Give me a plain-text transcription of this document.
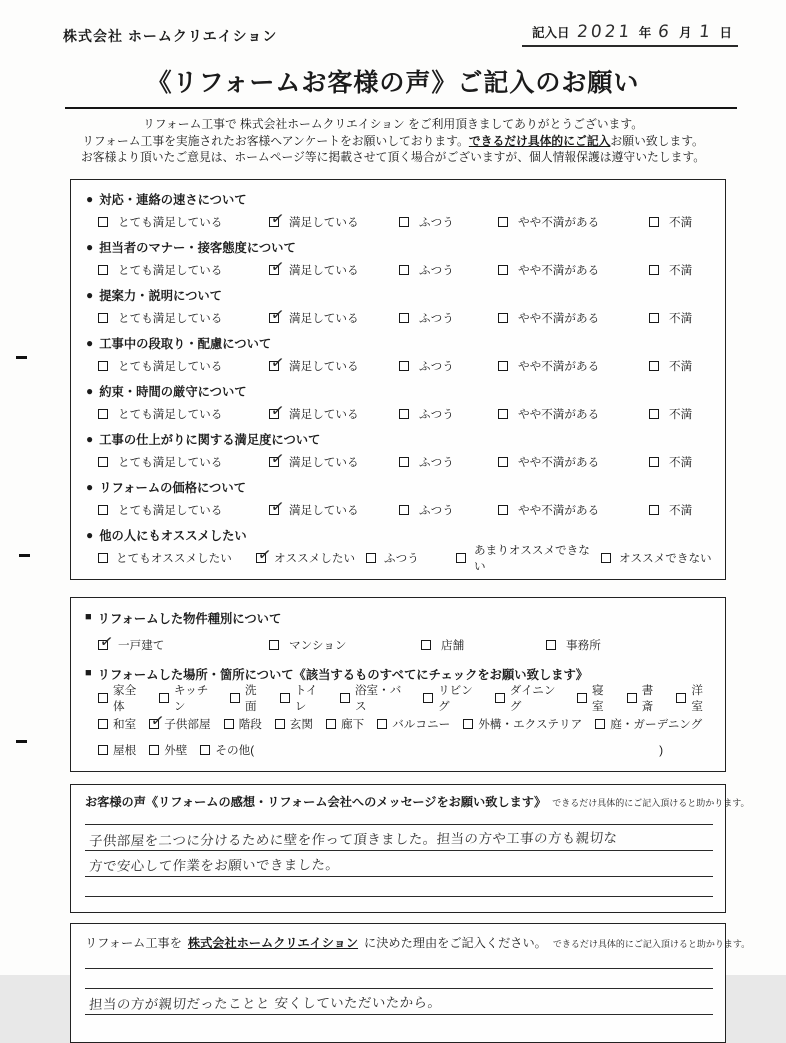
株式会社 ホームクリエイション	記入日 2021 年 6 月 1 日
《リフォームお客様の声》ご記入のお願い
リフォーム工事で 株式会社ホームクリエイション をご利用頂きましてありがとうございます。
リフォーム工事を実施されたお客様へアンケートをお願いしております。できるだけ具体的にご記入お願い致します。
お客様より頂いたご意見は、ホームページ等に掲載させて頂く場合がございますが、個人情報保護は遵守いたします。
● 対応・連絡の速さについて
とても満足している ✓	満足している	ふつう	やや不満がある	不満
● 担当者のマナー・接客態度について
とても満足している ✓	満足している	ふつう	やや不満がある	不満
● 提案力・説明について
とても満足している ✓	満足している	ふつう	やや不満がある	不満
● 工事中の段取り・配慮について
とても満足している ✓	満足している	ふつう	やや不満がある	不満
● 約束・時間の厳守について
とても満足している ✓	満足している	ふつう	やや不満がある	不満
● 工事の仕上がりに関する満足度について
とても満足している ✓	満足している	ふつう	やや不満がある	不満
● リフォームの価格について
とても満足している ✓	満足している	ふつう	やや不満がある	不満
● 他の人にもオススメしたい
とてもオススメしたい ✓	オススメしたい ふつう
あまりオススメできない
オススメできない
■ リフォームした物件種別について
✓
一戸建て	マンション	店舗	事務所
■ リフォームした場所・箇所について《該当するものすべてにチェックをお願い致します》
家全体
キッチン
洗面
トイレ
浴室・バス
リビング
ダイニング
寝室
書斎
洋室
和室
✓ 子供部屋 階段 玄関 廊下 バルコニー 外構・エクステリア 庭・ガーデニング
屋根 外壁 その他(	)
お客様の声《リフォームの感想・リフォーム会社へのメッセージをお願い致します》 できるだけ具体的にご記入頂けると助かります。
子供部屋を二つに分けるために壁を作って頂きました。担当の方や工事の方も親切な
方で安心して作業をお願いできました。
リフォーム工事を 株式会社ホームクリエイション に決めた理由をご記入ください。 できるだけ具体的にご記入頂けると助かります。
担当の方が親切だったことと 安くしていただいたから。
